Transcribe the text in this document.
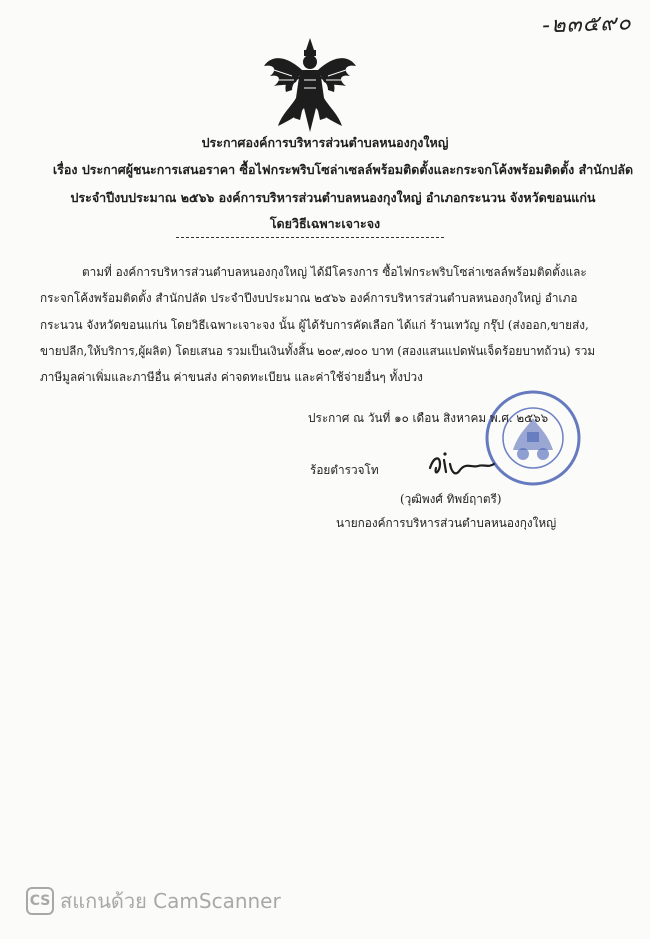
-๒๓๕๙๐
ประกาศองค์การบริหารส่วนตำบลหนองกุงใหญ่
เรื่อง ประกาศผู้ชนะการเสนอราคา ซื้อไฟกระพริบโซล่าเซลล์พร้อมติดตั้งและกระจกโค้งพร้อมติดตั้ง สำนักปลัด
ประจำปีงบประมาณ ๒๕๖๖ องค์การบริหารส่วนตำบลหนองกุงใหญ่ อำเภอกระนวน จังหวัดขอนแก่น
โดยวิธีเฉพาะเจาะจง
ตามที่ องค์การบริหารส่วนตำบลหนองกุงใหญ่ ได้มีโครงการ ซื้อไฟกระพริบโซล่าเซลล์พร้อมติดตั้งและ
กระจกโค้งพร้อมติดตั้ง สำนักปลัด ประจำปีงบประมาณ ๒๕๖๖ องค์การบริหารส่วนตำบลหนองกุงใหญ่ อำเภอ
กระนวน จังหวัดขอนแก่น โดยวิธีเฉพาะเจาะจง นั้น ผู้ได้รับการคัดเลือก ได้แก่ ร้านเทวัญ กรุ๊ป (ส่งออก,ขายส่ง,
ขายปลีก,ให้บริการ,ผู้ผลิต) โดยเสนอ รวมเป็นเงินทั้งสิ้น ๒๐๙,๗๐๐ บาท (สองแสนแปดพันเจ็ดร้อยบาทถ้วน) รวม
ภาษีมูลค่าเพิ่มและภาษีอื่น ค่าขนส่ง ค่าจดทะเบียน และค่าใช้จ่ายอื่นๆ ทั้งปวง
ประกาศ ณ วันที่ ๑๐ เดือน สิงหาคม พ.ศ. ๒๕๖๖
ร้อยตำรวจโท
(วุฒิพงศ์ ทิพย์ฤาตรี)
นายกองค์การบริหารส่วนตำบลหนองกุงใหญ่
CS สแกนด้วย CamScanner
